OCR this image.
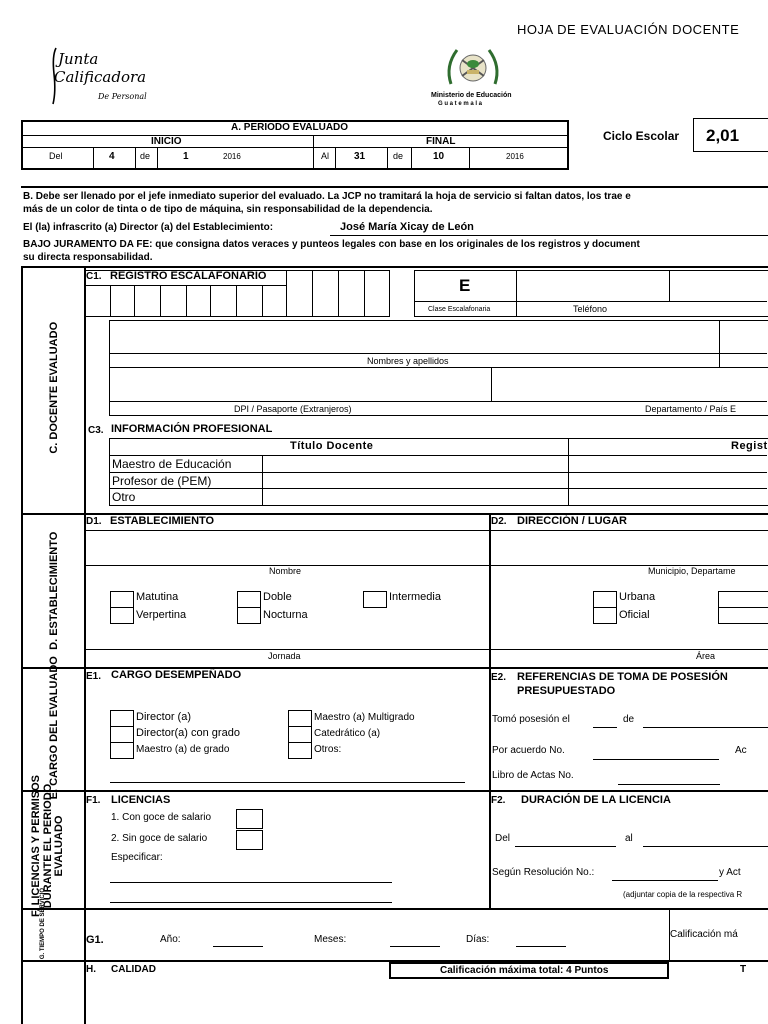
HOJA DE EVALUACIÓN DOCENTE
Junta
Calificadora
De Personal	Ministerio de Educación
G u a t e m a l a
A. PERIODO EVALUADO
INICIO	FINAL
Del	4	de	1	2016	Al 31	de	10	2016
Ciclo Escolar 2,01
B. Debe ser llenado por el jefe inmediato superior del evaluado. La JCP no tramitará la hoja de servicio si faltan datos, los trae e
más de un color de tinta o de tipo de máquina, sin responsabilidad de la dependencia.
El (la) infrascrito (a) Director (a) del Establecimiento:	José María Xicay de León
BAJO JURAMENTO DA FE: que consigna datos veraces y punteos legales con base en los originales de los registros y document
su directa responsabilidad.
C. DOCENTE EVALUADO
C1. REGISTRO ESCALAFONARIO	E
Clase Escalafonaria	Teléfono
Nombres y apellidos
DPI / Pasaporte (Extranjeros)	Departamento / País E
C3. INFORMACIÓN PROFESIONAL
Título Docente	Regist
Maestro de Educación
Profesor de (PEM)
Otro
D. ESTABLECIMIENTO
D1. ESTABLECIMIENTO	D2. DIRECCIÓN / LUGAR
Nombre	Municipio, Departame
Matutina
Verpertina
Doble
Nocturna
Intermedia
Jornada
Urbana
Oficial
Área
E. CARGO DEL EVALUADO	E1. CARGO DESEMPEÑADO
Director (a)
Director(a) con grado
Maestro (a) de grado
Maestro (a) Multigrado
Catedrático (a)
Otros:
E2. REFERENCIAS DE TOMA DE POSESIÓN
PRESUPUESTADO
Tomó posesión el	de
Por acuerdo No.	Ac
Libro de Actas No.
F. LICENCIAS Y PERMISOS DURANTE EL PERIODO EVALUADO
F1. LICENCIAS
1. Con goce de salario
2. Sin goce de salario
Especificar:
F2. DURACIÓN DE LA LICENCIA
Del	al
Según Resolución No.:	y Act
(adjuntar copia de la respectiva R
G. TIEMPO DE SERVICIO	G1.	Año:	Meses:	Días:	Calificación má
H. CALIDAD	Calificación máxima total: 4 Puntos	T
